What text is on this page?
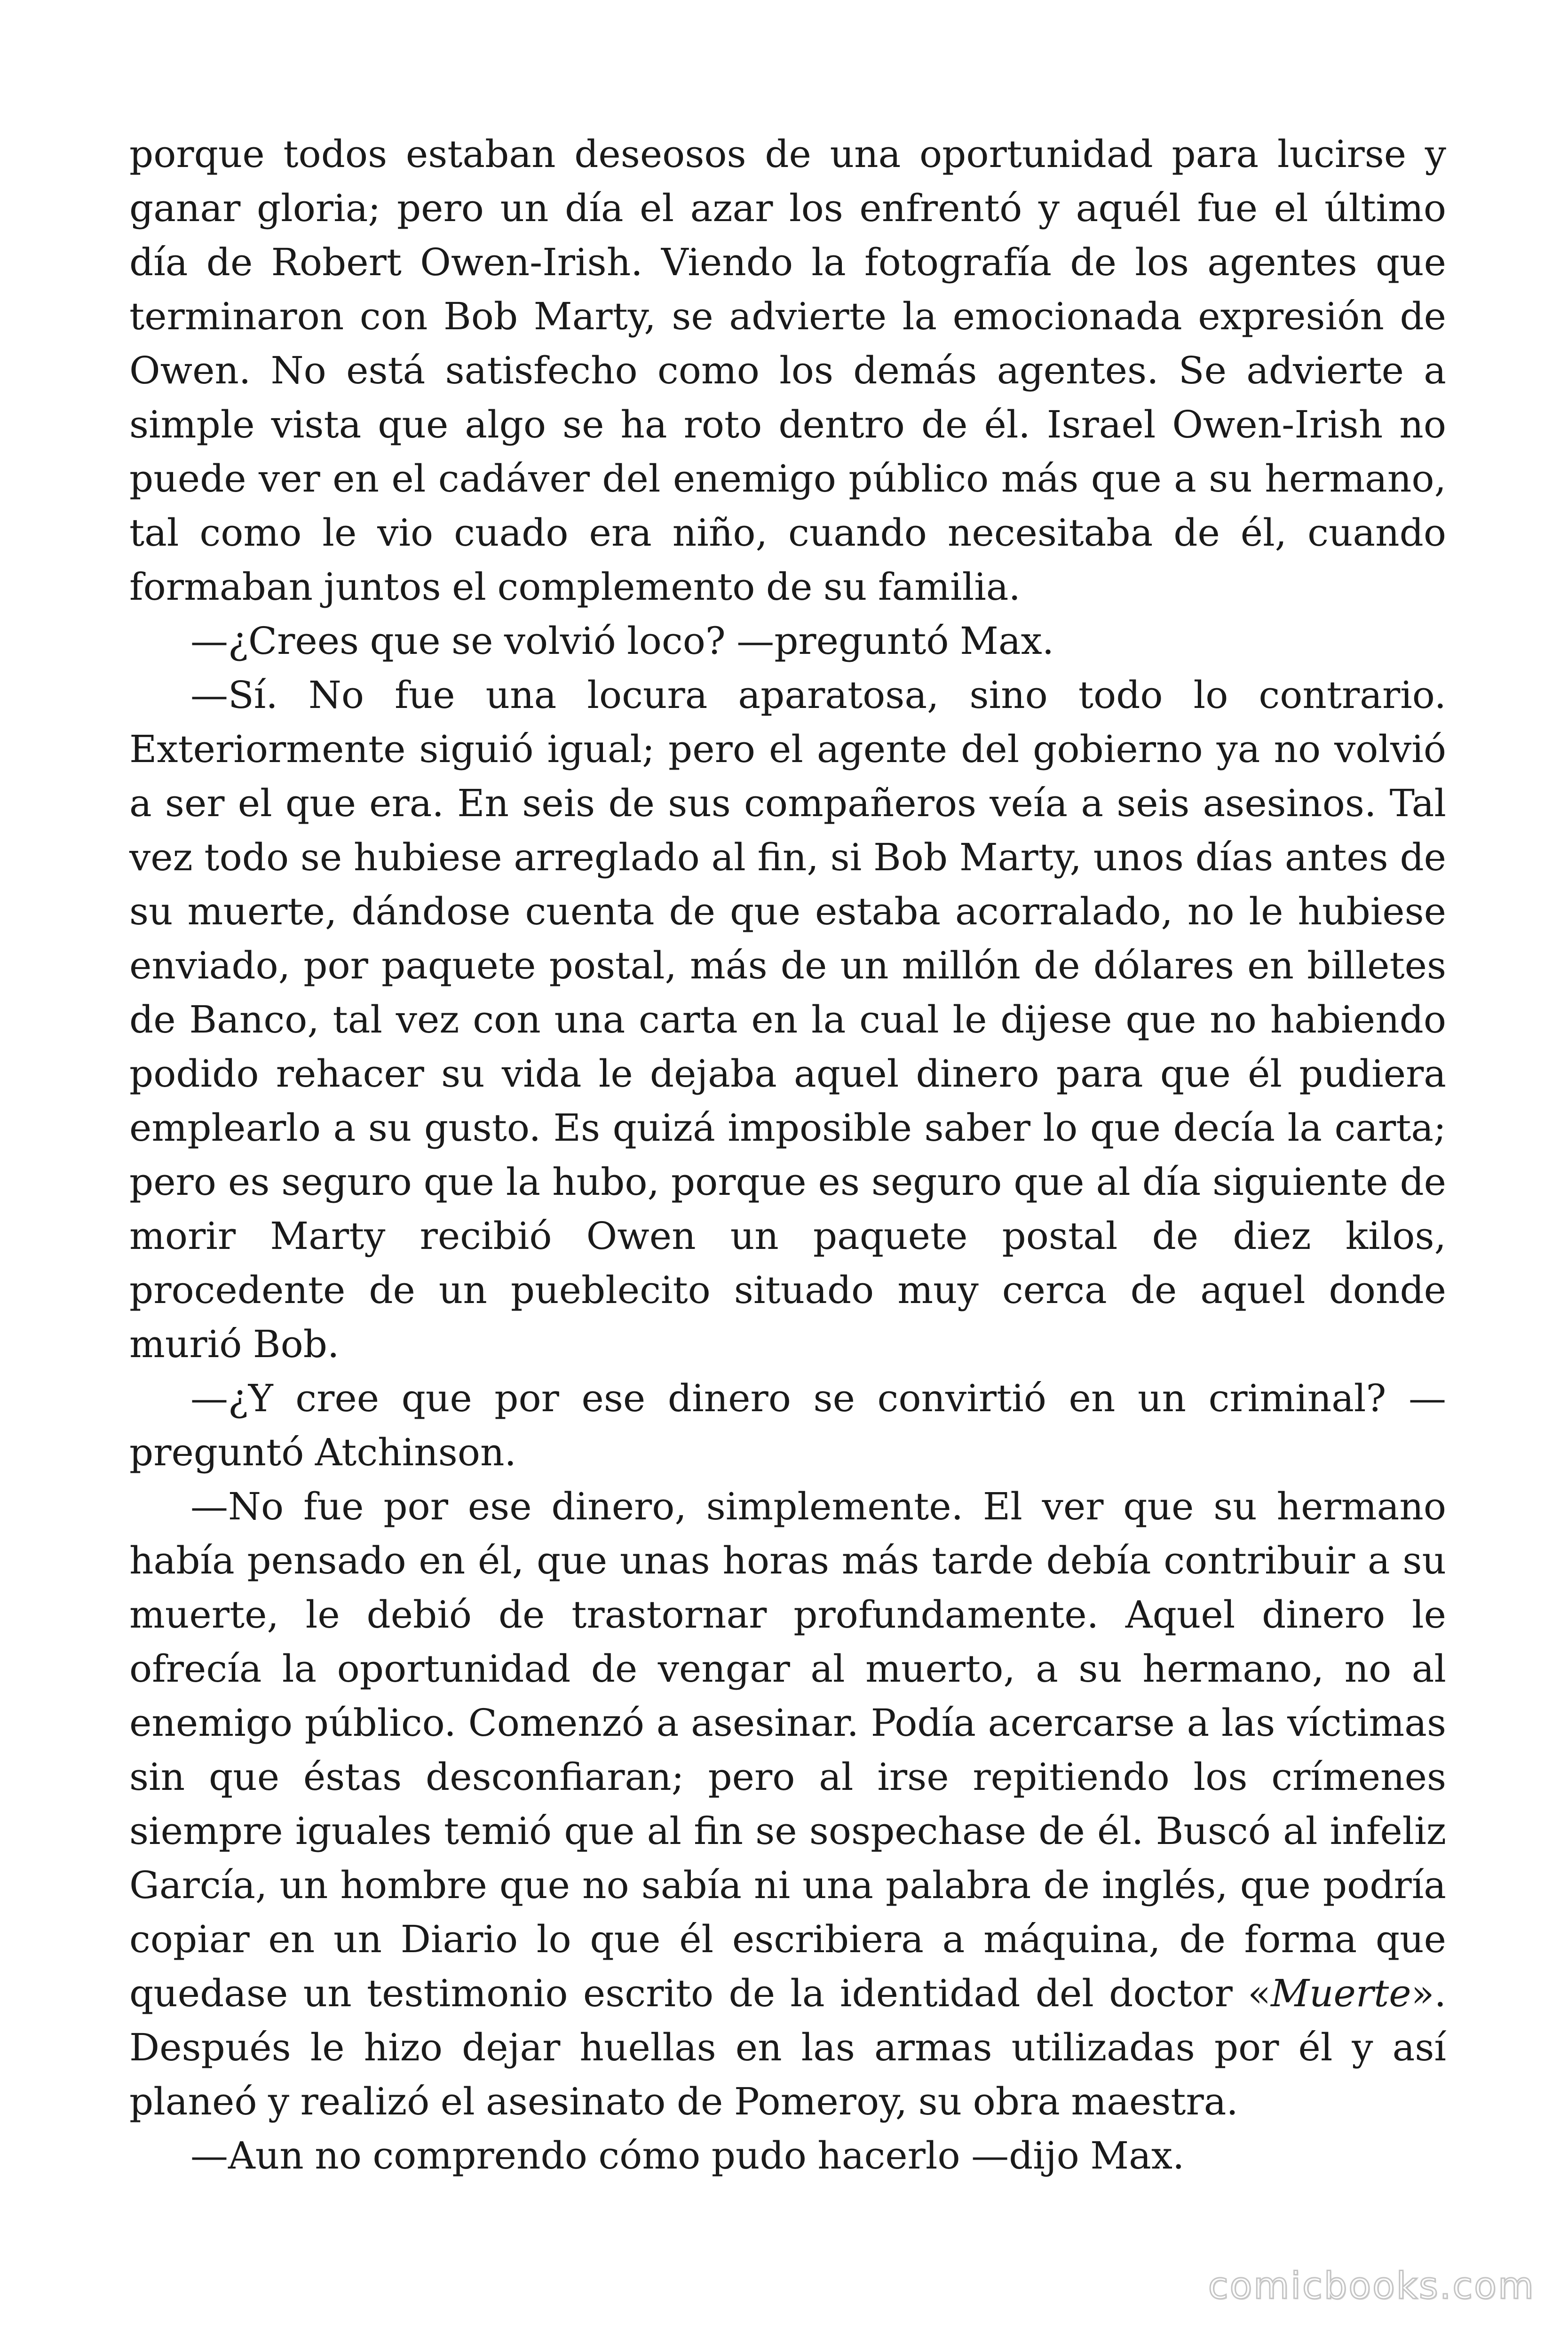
porque todos estaban deseosos de una oportunidad para lucirse y ganar gloria; pero un día el azar los enfrentó y aquél fue el último día de Robert Owen-Irish. Viendo la fotografía de los agentes que terminaron con Bob Marty, se advierte la emocionada expresión de Owen. No está satisfecho como los demás agentes. Se advierte a simple vista que algo se ha roto dentro de él. Israel Owen-Irish no puede ver en el cadáver del enemigo público más que a su hermano, tal como le vio cuado era niño, cuando necesitaba de él, cuando formaban juntos el complemento de su familia.

—¿Crees que se volvió loco? —preguntó Max.

—Sí. No fue una locura aparatosa, sino todo lo contrario. Exteriormente siguió igual; pero el agente del gobierno ya no volvió a ser el que era. En seis de sus compañeros veía a seis asesinos. Tal vez todo se hubiese arreglado al fin, si Bob Marty, unos días antes de su muerte, dándose cuenta de que estaba acorralado, no le hubiese enviado, por paquete postal, más de un millón de dólares en billetes de Banco, tal vez con una carta en la cual le dijese que no habiendo podido rehacer su vida le dejaba aquel dinero para que él pudiera emplearlo a su gusto. Es quizá imposible saber lo que decía la carta; pero es seguro que la hubo, porque es seguro que al día siguiente de morir Marty recibió Owen un paquete postal de diez kilos, procedente de un pueblecito situado muy cerca de aquel donde murió Bob.

—¿Y cree que por ese dinero se convirtió en un criminal? —preguntó Atchinson.

—No fue por ese dinero, simplemente. El ver que su hermano había pensado en él, que unas horas más tarde debía contribuir a su muerte, le debió de trastornar profundamente. Aquel dinero le ofrecía la oportunidad de vengar al muerto, a su hermano, no al enemigo público. Comenzó a asesinar. Podía acercarse a las víctimas sin que éstas desconfiaran; pero al irse repitiendo los crímenes siempre iguales temió que al fin se sospechase de él. Buscó al infeliz García, un hombre que no sabía ni una palabra de inglés, que podría copiar en un Diario lo que él escribiera a máquina, de forma que quedase un testimonio escrito de la identidad del doctor «Muerte». Después le hizo dejar huellas en las armas utilizadas por él y así planeó y realizó el asesinato de Pomeroy, su obra maestra.

—Aun no comprendo cómo pudo hacerlo —dijo Max.

comicbooks.com
